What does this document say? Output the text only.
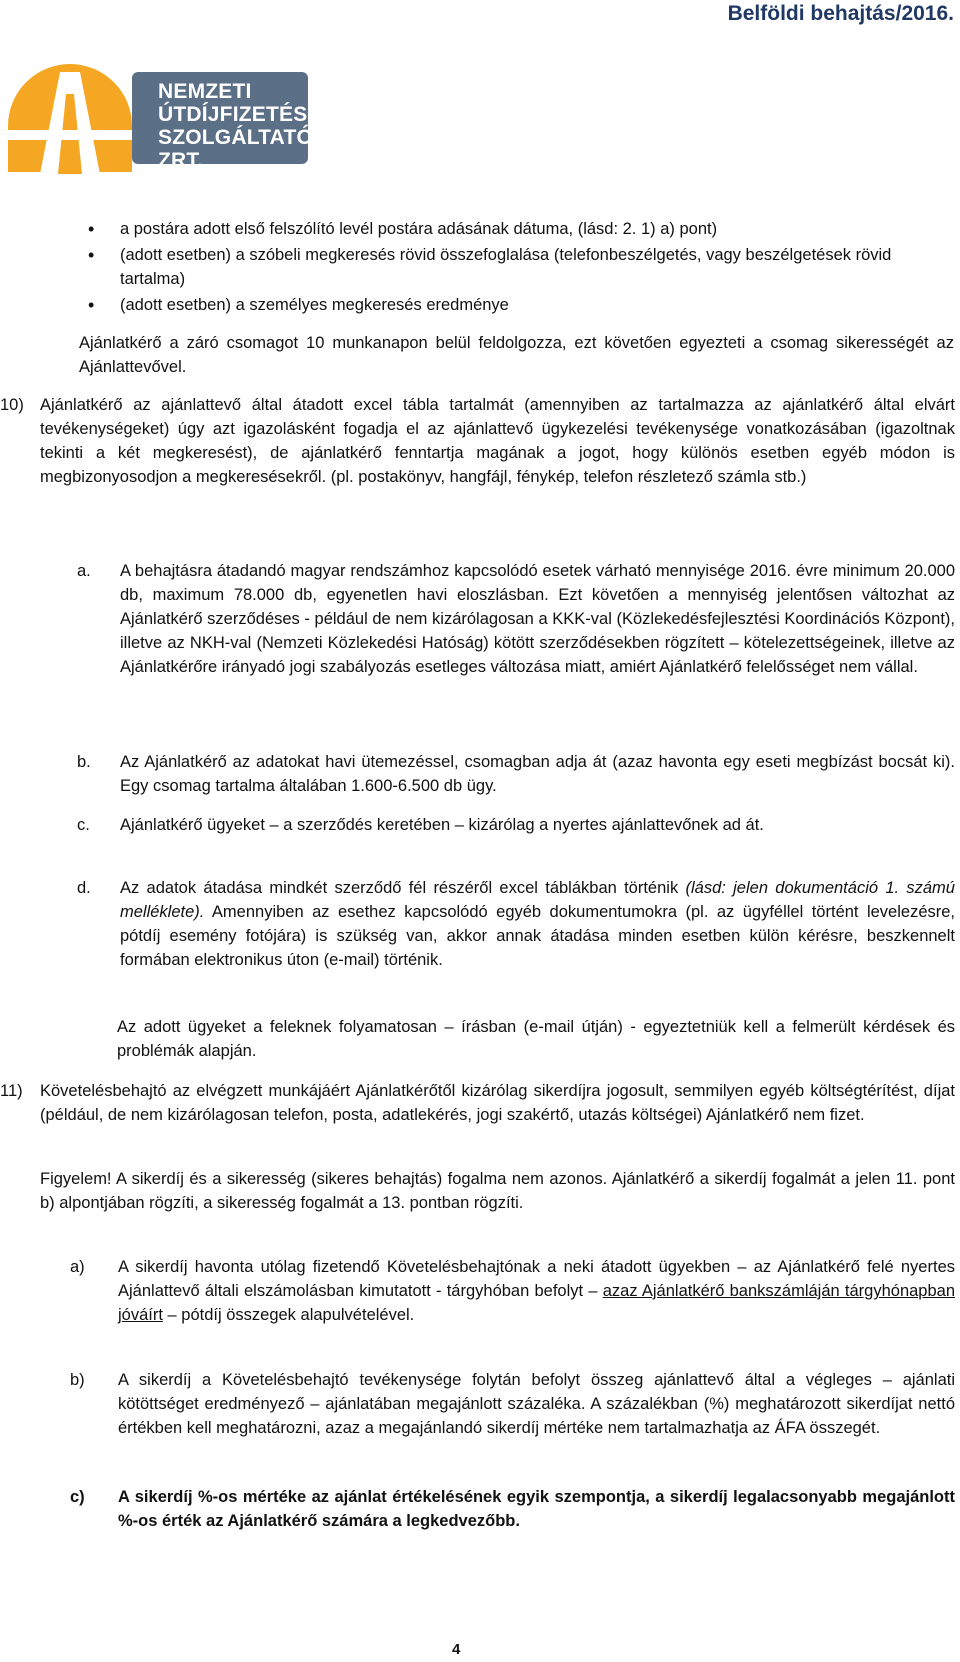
Belföldi behajtás/2016.
NEMZETI
ÚTDÍJFIZETÉSI
SZOLGÁLTATÓ ZRT.
• a postára adott első felszólító levél postára adásának dátuma, (lásd: 2. 1) a) pont)
• (adott esetben) a szóbeli megkeresés rövid összefoglalása (telefonbeszélgetés, vagy beszélgetések rövid tartalma)
• (adott esetben) a személyes megkeresés eredménye
Ajánlatkérő a záró csomagot 10 munkanapon belül feldolgozza, ezt követően egyezteti a csomag sikerességét az Ajánlattevővel.
10) Ajánlatkérő az ajánlattevő által átadott excel tábla tartalmát (amennyiben az tartalmazza az ajánlatkérő által elvárt tevékenységeket) úgy azt igazolásként fogadja el az ajánlattevő ügykezelési tevékenysége vonatkozásában (igazoltnak tekinti a két megkeresést), de ajánlatkérő fenntartja magának a jogot, hogy különös esetben egyéb módon is megbizonyosodjon a megkeresésekről. (pl. postakönyv, hangfájl, fénykép, telefon részletező számla stb.)
a.	A behajtásra átadandó magyar rendszámhoz kapcsolódó esetek várható mennyisége 2016. évre minimum 20.000 db, maximum 78.000 db, egyenetlen havi eloszlásban. Ezt követően a mennyiség jelentősen változhat az Ajánlatkérő szerződéses - például de nem kizárólagosan a KKK-val (Közlekedésfejlesztési Koordinációs Központ), illetve az NKH-val (Nemzeti Közlekedési Hatóság) kötött szerződésekben rögzített – kötelezettségeinek, illetve az Ajánlatkérőre irányadó jogi szabályozás esetleges változása miatt, amiért Ajánlatkérő felelősséget nem vállal.
b.	Az Ajánlatkérő az adatokat havi ütemezéssel, csomagban adja át (azaz havonta egy eseti megbízást bocsát ki). Egy csomag tartalma általában 1.600-6.500 db ügy.
c.	Ajánlatkérő ügyeket – a szerződés keretében – kizárólag a nyertes ajánlattevőnek ad át.
d.	Az adatok átadása mindkét szerződő fél részéről excel táblákban történik (lásd: jelen dokumentáció 1. számú melléklete). Amennyiben az esethez kapcsolódó egyéb dokumentumokra (pl. az ügyféllel történt levelezésre, pótdíj esemény fotójára) is szükség van, akkor annak átadása minden esetben külön kérésre, beszkennelt formában elektronikus úton (e-mail) történik.
Az adott ügyeket a feleknek folyamatosan – írásban (e-mail útján) - egyeztetniük kell a felmerült kérdések és problémák alapján.
11)	Követelésbehajtó az elvégzett munkájáért Ajánlatkérőtől kizárólag sikerdíjra jogosult, semmilyen egyéb költségtérítést, díjat (például, de nem kizárólagosan telefon, posta, adatlekérés, jogi szakértő, utazás költségei) Ajánlatkérő nem fizet.
Figyelem! A sikerdíj és a sikeresség (sikeres behajtás) fogalma nem azonos. Ajánlatkérő a sikerdíj fogalmát a jelen 11. pont b) alpontjában rögzíti, a sikeresség fogalmát a 13. pontban rögzíti.
a)	A sikerdíj havonta utólag fizetendő Követelésbehajtónak a neki átadott ügyekben – az Ajánlatkérő felé nyertes Ajánlattevő általi elszámolásban kimutatott - tárgyhóban befolyt – azaz Ajánlatkérő bankszámláján tárgyhónapban jóváírt – pótdíj összegek alapulvételével.
b)	A sikerdíj a Követelésbehajtó tevékenysége folytán befolyt összeg ajánlattevő által a végleges – ajánlati kötöttséget eredményező – ajánlatában megajánlott százaléka. A százalékban (%) meghatározott sikerdíjat nettó értékben kell meghatározni, azaz a megajánlandó sikerdíj mértéke nem tartalmazhatja az ÁFA összegét.
c)	A sikerdíj %-os mértéke az ajánlat értékelésének egyik szempontja, a sikerdíj legalacsonyabb megajánlott %-os érték az Ajánlatkérő számára a legkedvezőbb.
4
